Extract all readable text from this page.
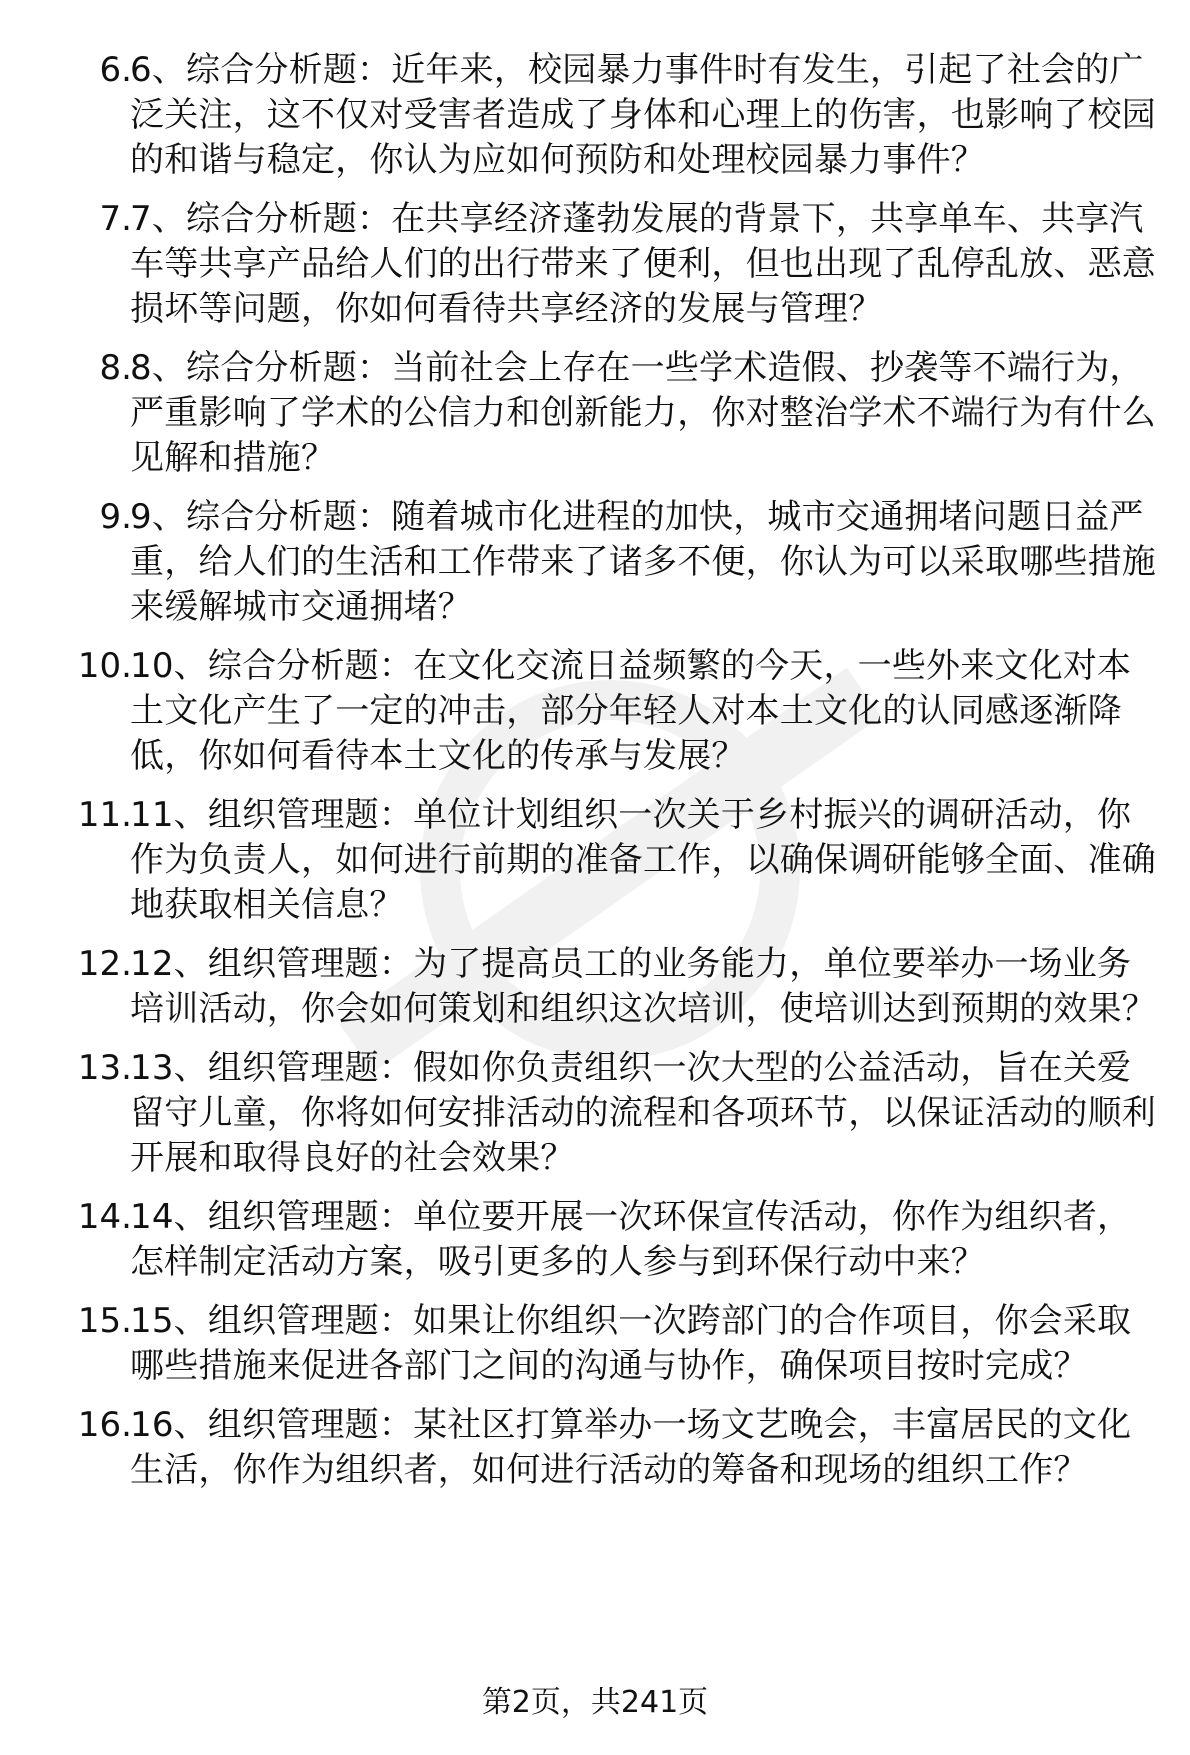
6.
6、综合分析题：近年来，校园暴力事件时有发生，引起了社会的广泛关注，这不仅对受害者造成了身体和心理上的伤害，也影响了校园的和谐与稳定，你认为应如何预防和处理校园暴力事件？
7.
7、综合分析题：在共享经济蓬勃发展的背景下，共享单车、共享汽车等共享产品给人们的出行带来了便利，但也出现了乱停乱放、恶意损坏等问题，你如何看待共享经济的发展与管理？
8.
8、综合分析题：当前社会上存在一些学术造假、抄袭等不端行为，严重影响了学术的公信力和创新能力，你对整治学术不端行为有什么见解和措施？
9.
9、综合分析题：随着城市化进程的加快，城市交通拥堵问题日益严重，给人们的生活和工作带来了诸多不便，你认为可以采取哪些措施来缓解城市交通拥堵？
10.
10、综合分析题：在文化交流日益频繁的今天，一些外来文化对本土文化产生了一定的冲击，部分年轻人对本土文化的认同感逐渐降低，你如何看待本土文化的传承与发展？
11.
11、组织管理题：单位计划组织一次关于乡村振兴的调研活动，你作为负责人，如何进行前期的准备工作，以确保调研能够全面、准确地获取相关信息？
12.
12、组织管理题：为了提高员工的业务能力，单位要举办一场业务培训活动，你会如何策划和组织这次培训，使培训达到预期的效果？
13.
13、组织管理题：假如你负责组织一次大型的公益活动，旨在关爱留守儿童，你将如何安排活动的流程和各项环节，以保证活动的顺利开展和取得良好的社会效果？
14.
14、组织管理题：单位要开展一次环保宣传活动，你作为组织者，怎样制定活动方案，吸引更多的人参与到环保行动中来？
15.
15、组织管理题：如果让你组织一次跨部门的合作项目，你会采取哪些措施来促进各部门之间的沟通与协作，确保项目按时完成？
16.
16、组织管理题：某社区打算举办一场文艺晚会，丰富居民的文化生活，你作为组织者，如何进行活动的筹备和现场的组织工作？
第2页，共241页
